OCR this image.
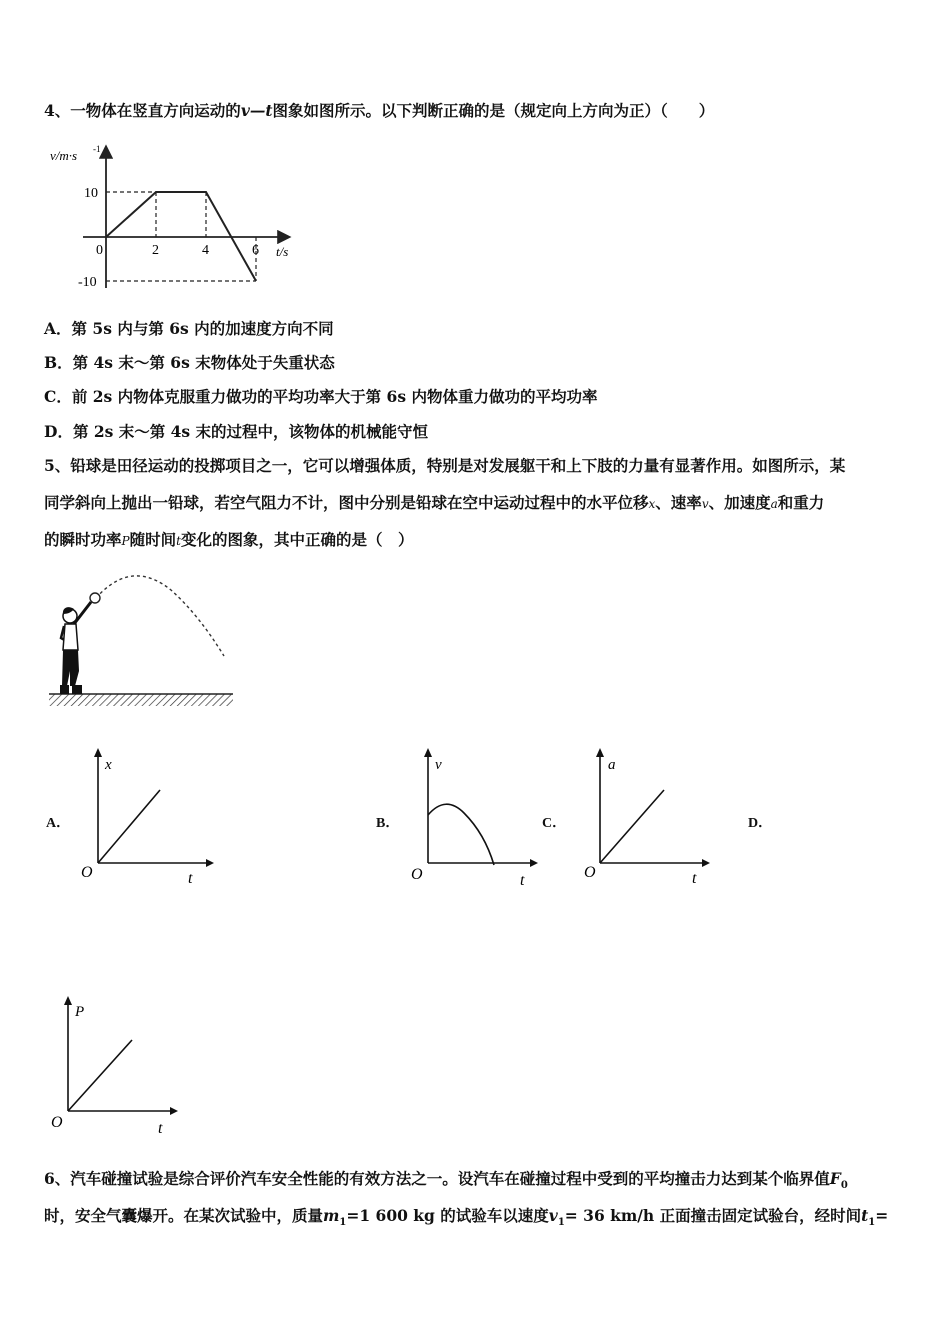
4、一物体在竖直方向运动的v—t图象如图所示。以下判断正确的是（规定向上方向为正）（　　）
v/m·s -1
10
-10
0	2	4	6 t/s
A．第 5s 内与第 6s 内的加速度方向不同
B．第 4s 末～第 6s 末物体处于失重状态
C．前 2s 内物体克服重力做功的平均功率大于第 6s 内物体重力做功的平均功率
D．第 2s 末～第 4s 末的过程中，该物体的机械能守恒
5、铅球是田径运动的投掷项目之一，它可以增强体质，特别是对发展躯干和上下肢的力量有显著作用。如图所示，某
同学斜向上抛出一铅球，若空气阻力不计，图中分别是铅球在空中运动过程中的水平位移x、速率v、加速度a和重力
的瞬时功率P随时间t变化的图象，其中正确的是（　）
A．	B．	C．	D．
x
O	t
v
O	t
a
O	t
P
O	t
6、汽车碰撞试验是综合评价汽车安全性能的有效方法之一。设汽车在碰撞过程中受到的平均撞击力达到某个临界值$F_0$
时，安全气囊爆开。在某次试验中，质量$m_1=1$ 600 kg 的试验车以速度$v_1= 36$ km/h 正面撞击固定试验台，经时间$t_1=$
